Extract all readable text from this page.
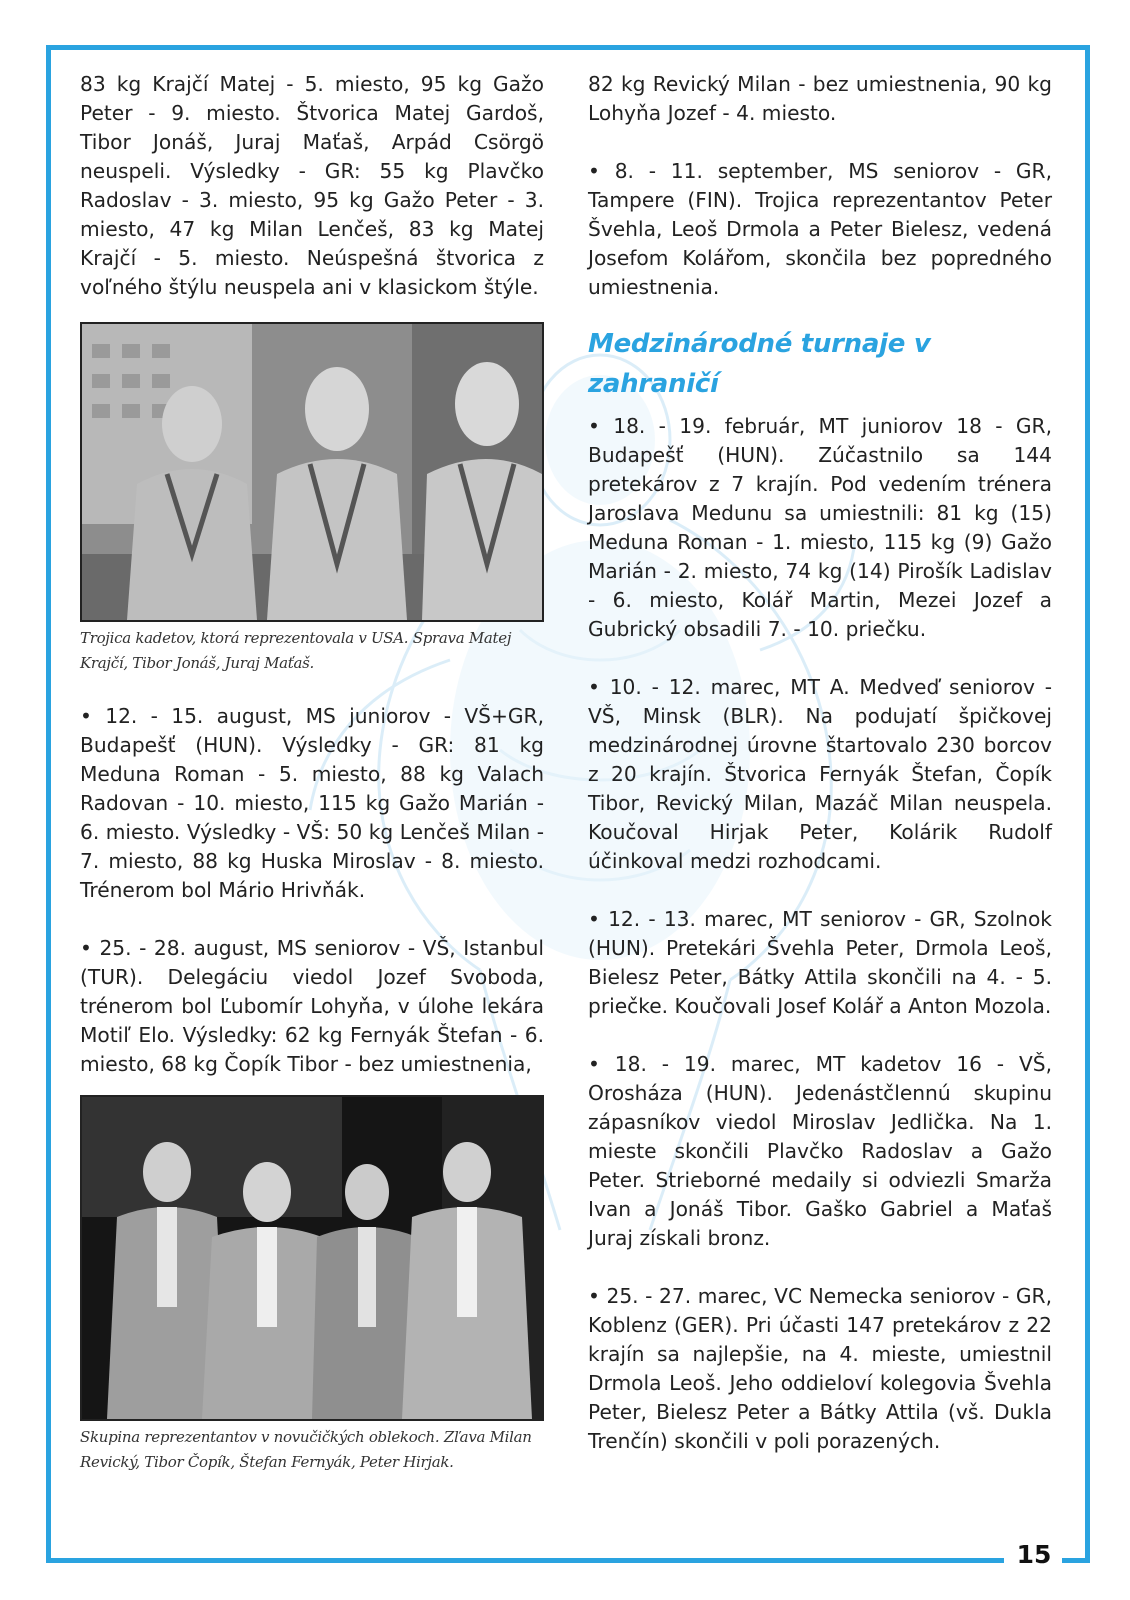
15

83 kg Krajčí Matej - 5. miesto, 95 kg Gažo Peter - 9. miesto. Štvorica Matej Gardoš, Tibor Jonáš, Juraj Maťaš, Arpád Csörgö neuspeli. Výsledky - GR: 55 kg Plavčko Radoslav - 3. miesto, 95 kg Gažo Peter - 3. miesto, 47 kg Milan Lenčeš, 83 kg Matej Krajčí - 5. miesto. Neúspešná štvorica z voľného štýlu neuspela ani v klasickom štýle.

Trojica kadetov, ktorá reprezentovala v USA. Sprava Matej Krajčí, Tibor Jonáš, Juraj Maťaš.

• 12. - 15. august, MS juniorov - VŠ+GR, Budapešť (HUN). Výsledky - GR: 81 kg Meduna Roman - 5. miesto, 88 kg Valach Radovan - 10. miesto, 115 kg Gažo Marián - 6. miesto. Výsledky - VŠ: 50 kg Lenčeš Milan - 7. miesto, 88 kg Huska Miroslav - 8. miesto. Trénerom bol Mário Hrivňák.

• 25. - 28. august, MS seniorov - VŠ, Istanbul (TUR). Delegáciu viedol Jozef Svoboda, trénerom bol Ľubomír Lohyňa, v úlohe lekára Motiľ Elo. Výsledky: 62 kg Fernyák Štefan - 6. miesto, 68 kg Čopík Tibor - bez umiestnenia,

Skupina reprezentantov v novučičkých oblekoch. Zľava Milan Revický, Tibor Čopík, Štefan Fernyák, Peter Hirjak.

82 kg Revický Milan - bez umiestnenia, 90 kg Lohyňa Jozef - 4. miesto.

• 8. - 11. september, MS seniorov - GR, Tampere (FIN). Trojica reprezentantov Peter Švehla, Leoš Drmola a Peter Bielesz, vedená Josefom Kolářom, skončila bez popredného umiestnenia.

Medzinárodné turnaje v zahraničí

• 18. - 19. február, MT juniorov 18 - GR, Budapešť (HUN). Zúčastnilo sa 144 pretekárov z 7 krajín. Pod vedením trénera Jaroslava Medunu sa umiestnili: 81 kg (15) Meduna Roman - 1. miesto, 115 kg (9) Gažo Marián - 2. miesto, 74 kg (14) Pirošík Ladislav - 6. miesto, Kolář Martin, Mezei Jozef a Gubrický obsadili 7. - 10. priečku.

• 10. - 12. marec, MT A. Medveď seniorov - VŠ, Minsk (BLR). Na podujatí špičkovej medzinárodnej úrovne štartovalo 230 borcov z 20 krajín. Štvorica Fernyák Štefan, Čopík Tibor, Revický Milan, Mazáč Milan neuspela. Koučoval Hirjak Peter, Kolárik Rudolf účinkoval medzi rozhodcami.

• 12. - 13. marec, MT seniorov - GR, Szolnok (HUN). Pretekári Švehla Peter, Drmola Leoš, Bielesz Peter, Bátky Attila skončili na 4. - 5. priečke. Koučovali Josef Kolář a Anton Mozola.

• 18. - 19. marec, MT kadetov 16 - VŠ, Orosháza (HUN). Jedenástčlennú skupinu zápasníkov viedol Miroslav Jedlička. Na 1. mieste skončili Plavčko Radoslav a Gažo Peter. Strieborné medaily si odviezli Smarža Ivan a Jonáš Tibor. Gaško Gabriel a Maťaš Juraj získali bronz.

• 25. - 27. marec, VC Nemecka seniorov - GR, Koblenz (GER). Pri účasti 147 pretekárov z 22 krajín sa najlepšie, na 4. mieste, umiestnil Drmola Leoš. Jeho oddieloví kolegovia Švehla Peter, Bielesz Peter a Bátky Attila (vš. Dukla Trenčín) skončili v poli porazených.
